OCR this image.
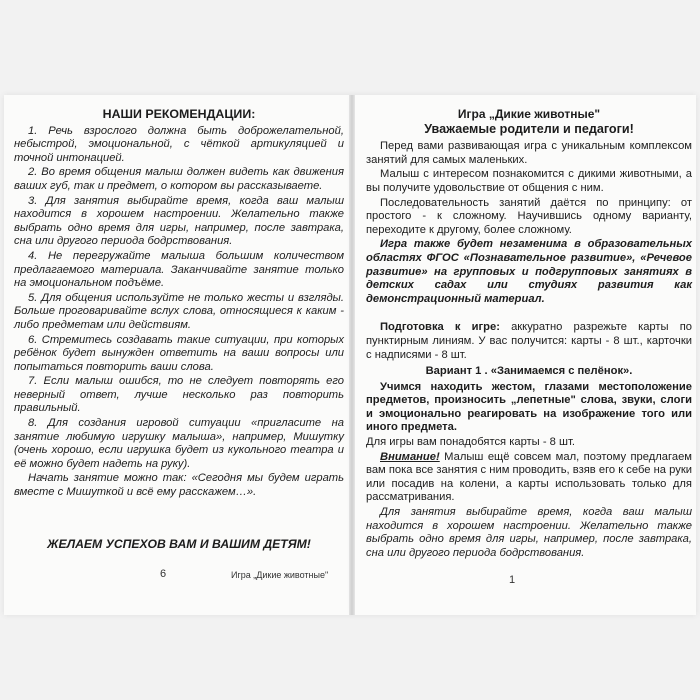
НАШИ РЕКОМЕНДАЦИИ:

1. Речь взрослого должна быть доброжелательной, небыстрой, эмоциональной, с чёткой артикуляцией и точной интонацией.

2. Во время общения малыш должен видеть как движения ваших губ, так и предмет, о котором вы рассказываете.

3. Для занятия выбирайте время, когда ваш малыш находится в хорошем настроении. Желательно также выбрать одно время для игры, например, после завтрака, сна или другого периода бодрствования.

4. Не перегружайте малыша большим количеством предлагаемого материала. Заканчивайте занятие только на эмоциональном подъёме.

5. Для общения используйте не только жесты и взгляды. Больше проговаривайте вслух слова, относящиеся к каким - либо предметам или действиям.

6. Стремитесь создавать такие ситуации, при которых ребёнок будет вынужден ответить на ваши вопросы или попытаться повторить ваши слова.

7. Если малыш ошибся, то не следует повторять его неверный ответ, лучше несколько раз повторить правильный.

8. Для создания игровой ситуации «пригласите на занятие любимую игрушку малыша», например, Мишутку (очень хорошо, если игрушка будет из кукольного театра и её можно будет надеть на руку).

Начать занятие можно так: «Сегодня мы будем играть вместе с Мишуткой и всё ему расскажем…».

ЖЕЛАЕМ УСПЕХОВ ВАМ И ВАШИМ ДЕТЯМ!

6	Игра „Дикие животные"

Игра „Дикие животные"

Уважаемые родители и педагоги!

Перед вами развивающая игра с уникальным комплексом занятий для самых маленьких.

Малыш с интересом познакомится с дикими животными, а вы получите удовольствие от общения с ним.

Последовательность занятий даётся по принципу: от простого - к сложному. Научившись одному варианту, переходите к другому, более сложному.

Игра также будет незаменима в образовательных областях ФГОС «Познавательное развитие», «Речевое развитие» на групповых и подгрупповых занятиях в детских садах или студиях развития как демонстрационный материал.

Подготовка к игре: аккуратно разрежьте карты по пунктирным линиям. У вас получится: карты - 8 шт., карточки с надписями - 8 шт.

Вариант 1 . «Занимаемся с пелёнок».

Учимся находить жестом, глазами местоположение предметов, произносить „лепетные" слова, звуки, слоги и эмоционально реагировать на изображение того или иного предмета.

Для игры вам понадобятся карты - 8 шт.

Внимание! Малыш ещё совсем мал, поэтому предлагаем вам пока все занятия с ним проводить, взяв его к себе на руки или посадив на колени, а карты использовать только для рассматривания.

Для занятия выбирайте время, когда ваш малыш находится в хорошем настроении. Желательно также выбрать одно время для игры, например, после завтрака, сна или другого периода бодрствования.

1
